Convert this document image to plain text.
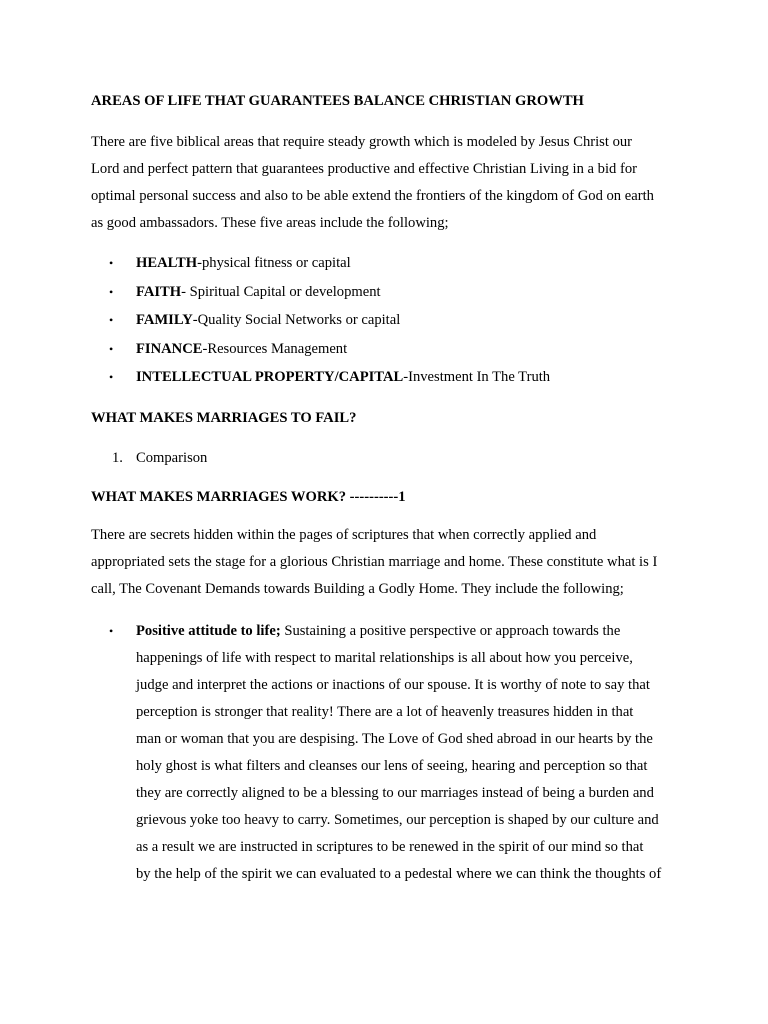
AREAS OF LIFE THAT GUARANTEES BALANCE CHRISTIAN GROWTH
There are five biblical areas that require steady growth which is modeled by Jesus Christ our
Lord and perfect pattern that guarantees productive and effective Christian Living in a bid for
optimal personal success and also to be able extend the frontiers of the kingdom of God on earth
as good ambassadors. These five areas include the following;
•	HEALTH-physical fitness or capital
•	FAITH- Spiritual Capital or development
•	FAMILY-Quality Social Networks or capital
•	FINANCE-Resources Management
•	INTELLECTUAL PROPERTY/CAPITAL-Investment In The Truth
WHAT MAKES MARRIAGES TO FAIL?
1. Comparison
WHAT MAKES MARRIAGES WORK? ----------1
There are secrets hidden within the pages of scriptures that when correctly applied and
appropriated sets the stage for a glorious Christian marriage and home. These constitute what is I
call, The Covenant Demands towards Building a Godly Home. They include the following;
• Positive attitude to life; Sustaining a positive perspective or approach towards the
happenings of life with respect to marital relationships is all about how you perceive,
judge and interpret the actions or inactions of our spouse. It is worthy of note to say that
perception is stronger that reality! There are a lot of heavenly treasures hidden in that
man or woman that you are despising. The Love of God shed abroad in our hearts by the
holy ghost is what filters and cleanses our lens of seeing, hearing and perception so that
they are correctly aligned to be a blessing to our marriages instead of being a burden and
grievous yoke too heavy to carry. Sometimes, our perception is shaped by our culture and
as a result we are instructed in scriptures to be renewed in the spirit of our mind so that
by the help of the spirit we can evaluated to a pedestal where we can think the thoughts of
